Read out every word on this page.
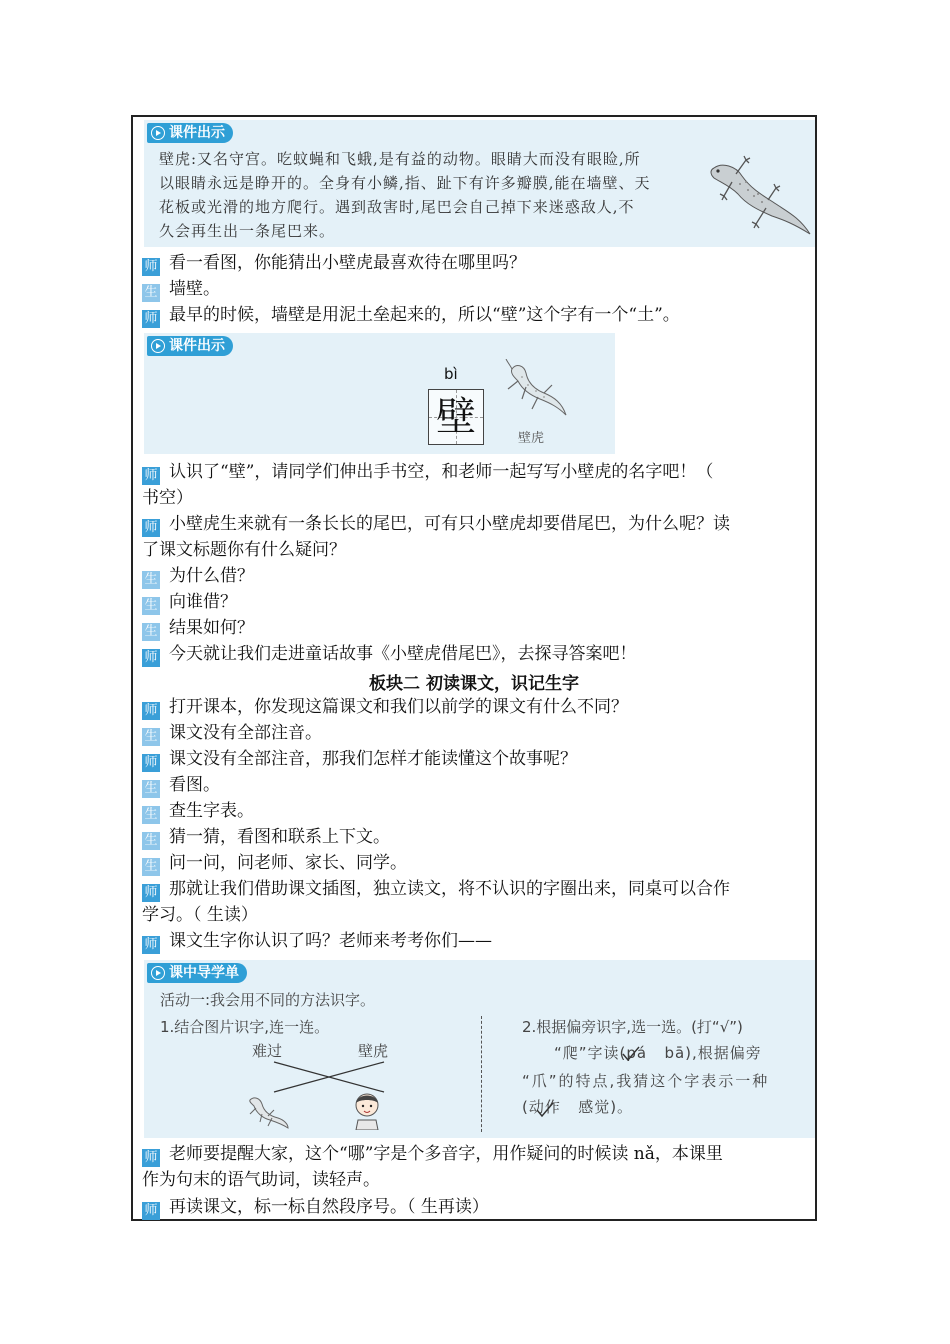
课件出示
壁虎:又名守宫。吃蚊蝇和飞蛾,是有益的动物。眼睛大而没有眼睑,所
以眼睛永远是睁开的。全身有小鳞,指、趾下有许多瓣膜,能在墙壁、天
花板或光滑的地方爬行。遇到敌害时,尾巴会自己掉下来迷惑敌人,不
久会再生出一条尾巴来。
师 看一看图，你能猜出小壁虎最喜欢待在哪里吗？
生 墙壁。
师 最早的时候，墙壁是用泥土垒起来的，所以“壁”这个字有一个“土”。
课件出示
bì
壁	壁虎
师 认识了“壁”，请同学们伸出手书空，和老师一起写写小壁虎的名字吧！（
书空）
师 小壁虎生来就有一条长长的尾巴，可有只小壁虎却要借尾巴，为什么呢？读
了课文标题你有什么疑问？
生 为什么借？
生 向谁借？
生 结果如何？
师 今天就让我们走进童话故事《小壁虎借尾巴》，去探寻答案吧！
板块二 初读课文，识记生字
师 打开课本，你发现这篇课文和我们以前学的课文有什么不同？
生 课文没有全部注音。
师 课文没有全部注音，那我们怎样才能读懂这个故事呢？
生 看图。
生 查生字表。
生 猜一猜，看图和联系上下文。
生 问一问，问老师、家长、同学。
师 那就让我们借助课文插图，独立读文，将不认识的字圈出来，同桌可以合作
学习。（ 生读）
师 课文生字你认识了吗？老师来考考你们——
课中导学单
活动一:我会用不同的方法识字。
1.结合图片识字,连一连。
难过	壁虎
2.根据偏旁识字,选一选。(打“√”)
“爬”字读(pá bā),根据偏旁
“爪”的特点,我猜这个字表示一种
(动作 感觉)。
师 老师要提醒大家，这个“哪”字是个多音字，用作疑问的时候读 nǎ，本课里
作为句末的语气助词，读轻声。
师 再读课文，标一标自然段序号。（ 生再读）
